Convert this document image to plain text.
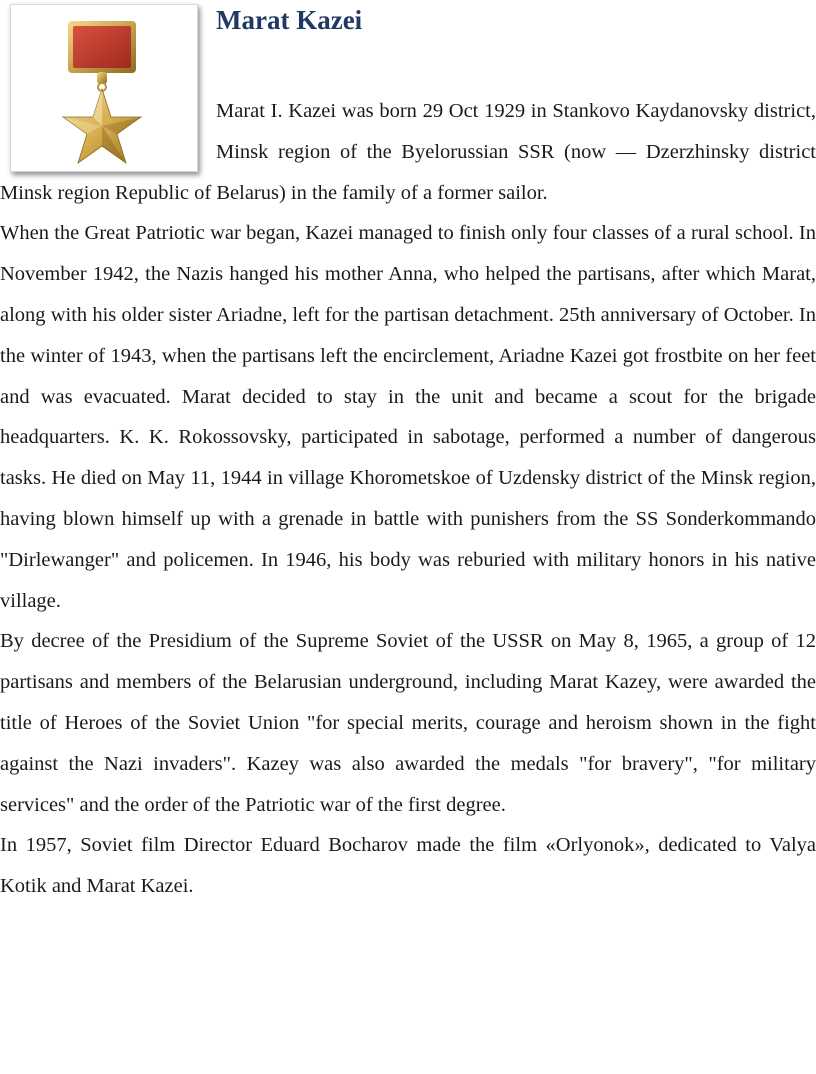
Marat Kazei

Marat I. Kazei was born 29 Oct 1929 in Stankovo Kaydanovsky district, Minsk region of the Byelorussian SSR (now — Dzerzhinsky district Minsk region Republic of Belarus) in the family of a former sailor.

When the Great Patriotic war began, Kazei managed to finish only four classes of a rural school. In November 1942, the Nazis hanged his mother Anna, who helped the partisans, after which Marat, along with his older sister Ariadne, left for the partisan detachment. 25th anniversary of October. In the winter of 1943, when the partisans left the encirclement, Ariadne Kazei got frostbite on her feet and was evacuated. Marat decided to stay in the unit and became a scout for the brigade headquarters. K. K. Rokossovsky, participated in sabotage, performed a number of dangerous tasks. He died on May 11, 1944 in village Khorometskoe of Uzdensky district of the Minsk region, having blown himself up with a grenade in battle with punishers from the SS Sonderkommando "Dirlewanger" and policemen. In 1946, his body was reburied with military honors in his native village.

By decree of the Presidium of the Supreme Soviet of the USSR on May 8, 1965, a group of 12 partisans and members of the Belarusian underground, including Marat Kazey, were awarded the title of Heroes of the Soviet Union "for special merits, courage and heroism shown in the fight against the Nazi invaders". Kazey was also awarded the medals "for bravery", "for military services" and the order of the Patriotic war of the first degree.

In 1957, Soviet film Director Eduard Bocharov made the film «Orlyonok», dedicated to Valya Kotik and Marat Kazei.
